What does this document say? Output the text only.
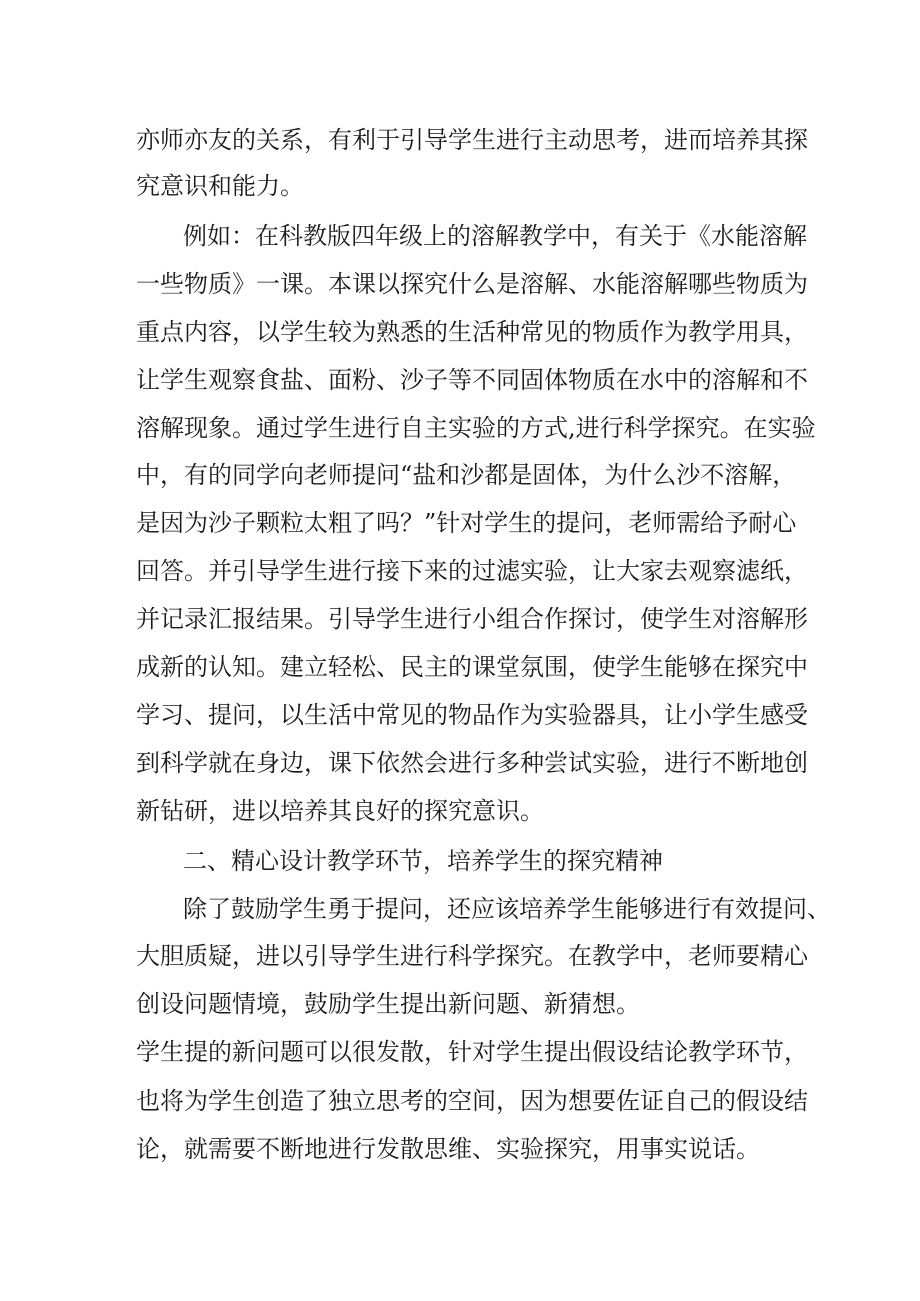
亦师亦友的关系，有利于引导学生进行主动思考，进而培养其探
究意识和能力。
例如：在科教版四年级上的溶解教学中，有关于《水能溶解
一些物质》一课。本课以探究什么是溶解、水能溶解哪些物质为
重点内容，以学生较为熟悉的生活种常见的物质作为教学用具，
让学生观察食盐、面粉、沙子等不同固体物质在水中的溶解和不
溶解现象。通过学生进行自主实验的方式,进行科学探究。在实验
中，有的同学向老师提问“盐和沙都是固体，为什么沙不溶解，
是因为沙子颗粒太粗了吗？”针对学生的提问，老师需给予耐心
回答。并引导学生进行接下来的过滤实验，让大家去观察滤纸，
并记录汇报结果。引导学生进行小组合作探讨，使学生对溶解形
成新的认知。建立轻松、民主的课堂氛围，使学生能够在探究中
学习、提问，以生活中常见的物品作为实验器具，让小学生感受
到科学就在身边，课下依然会进行多种尝试实验，进行不断地创
新钻研，进以培养其良好的探究意识。
二、精心设计教学环节，培养学生的探究精神
除了鼓励学生勇于提问，还应该培养学生能够进行有效提问、
大胆质疑，进以引导学生进行科学探究。在教学中，老师要精心
创设问题情境，鼓励学生提出新问题、新猜想。
学生提的新问题可以很发散，针对学生提出假设结论教学环节，
也将为学生创造了独立思考的空间，因为想要佐证自己的假设结
论，就需要不断地进行发散思维、实验探究，用事实说话。
